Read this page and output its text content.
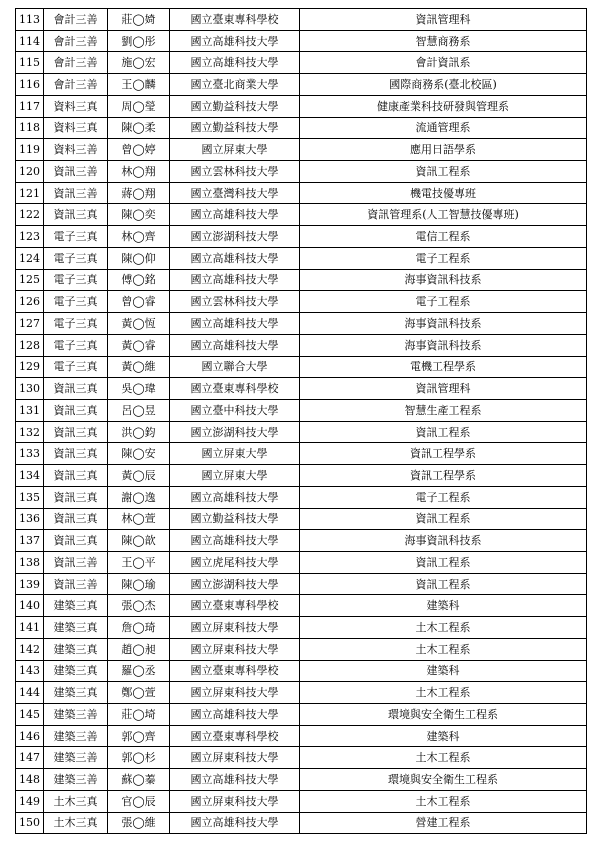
113	會計三善	莊◯婍	國立臺東專科學校	資訊管理科
114	會計三善	劉◯彤	國立高雄科技大學	智慧商務系
115	會計三善	施◯宏	國立高雄科技大學	會計資訊系
116	會計三善	王◯麟	國立臺北商業大學	國際商務系(臺北校區)
117	資料三真	周◯瑩	國立勤益科技大學	健康產業科技研發與管理系
118	資料三真	陳◯柔	國立勤益科技大學	流通管理系
119	資料三善	曾◯婷	國立屏東大學	應用日語學系
120	資訊三善	林◯翔	國立雲林科技大學	資訊工程系
121	資訊三善	蔣◯翔	國立臺灣科技大學	機電技優專班
122	資訊三真	陳◯奕	國立高雄科技大學	資訊管理系(人工智慧技優專班)
123	電子三真	林◯齊	國立澎湖科技大學	電信工程系
124	電子三真	陳◯仰	國立高雄科技大學	電子工程系
125	電子三真	傅◯銘	國立高雄科技大學	海事資訊科技系
126	電子三真	曾◯睿	國立雲林科技大學	電子工程系
127	電子三真	黃◯恆	國立高雄科技大學	海事資訊科技系
128	電子三真	黃◯睿	國立高雄科技大學	海事資訊科技系
129	電子三真	黃◯維	國立聯合大學	電機工程學系
130	資訊三真	吳◯瑋	國立臺東專科學校	資訊管理科
131	資訊三真	呂◯昱	國立臺中科技大學	智慧生產工程系
132	資訊三真	洪◯鈞	國立澎湖科技大學	資訊工程系
133	資訊三真	陳◯安	國立屏東大學	資訊工程學系
134	資訊三真	黃◯辰	國立屏東大學	資訊工程學系
135	資訊三真	謝◯逸	國立高雄科技大學	電子工程系
136	資訊三真	林◯萱	國立勤益科技大學	資訊工程系
137	資訊三真	陳◯歆	國立高雄科技大學	海事資訊科技系
138	資訊三善	王◯平	國立虎尾科技大學	資訊工程系
139	資訊三善	陳◯瑜	國立澎湖科技大學	資訊工程系
140	建築三真	張◯杰	國立臺東專科學校	建築科
141	建築三真	詹◯琦	國立屏東科技大學	土木工程系
142	建築三真	趙◯昶	國立屏東科技大學	土木工程系
143	建築三真	羅◯丞	國立臺東專科學校	建築科
144	建築三真	鄭◯萱	國立屏東科技大學	土木工程系
145	建築三善	莊◯埼	國立高雄科技大學	環境與安全衛生工程系
146	建築三善	郭◯齊	國立臺東專科學校	建築科
147	建築三善	郭◯杉	國立屏東科技大學	土木工程系
148	建築三善	蘇◯蓁	國立高雄科技大學	環境與安全衛生工程系
149	土木三真	官◯辰	國立屏東科技大學	土木工程系
150	土木三真	張◯維	國立高雄科技大學	營建工程系
